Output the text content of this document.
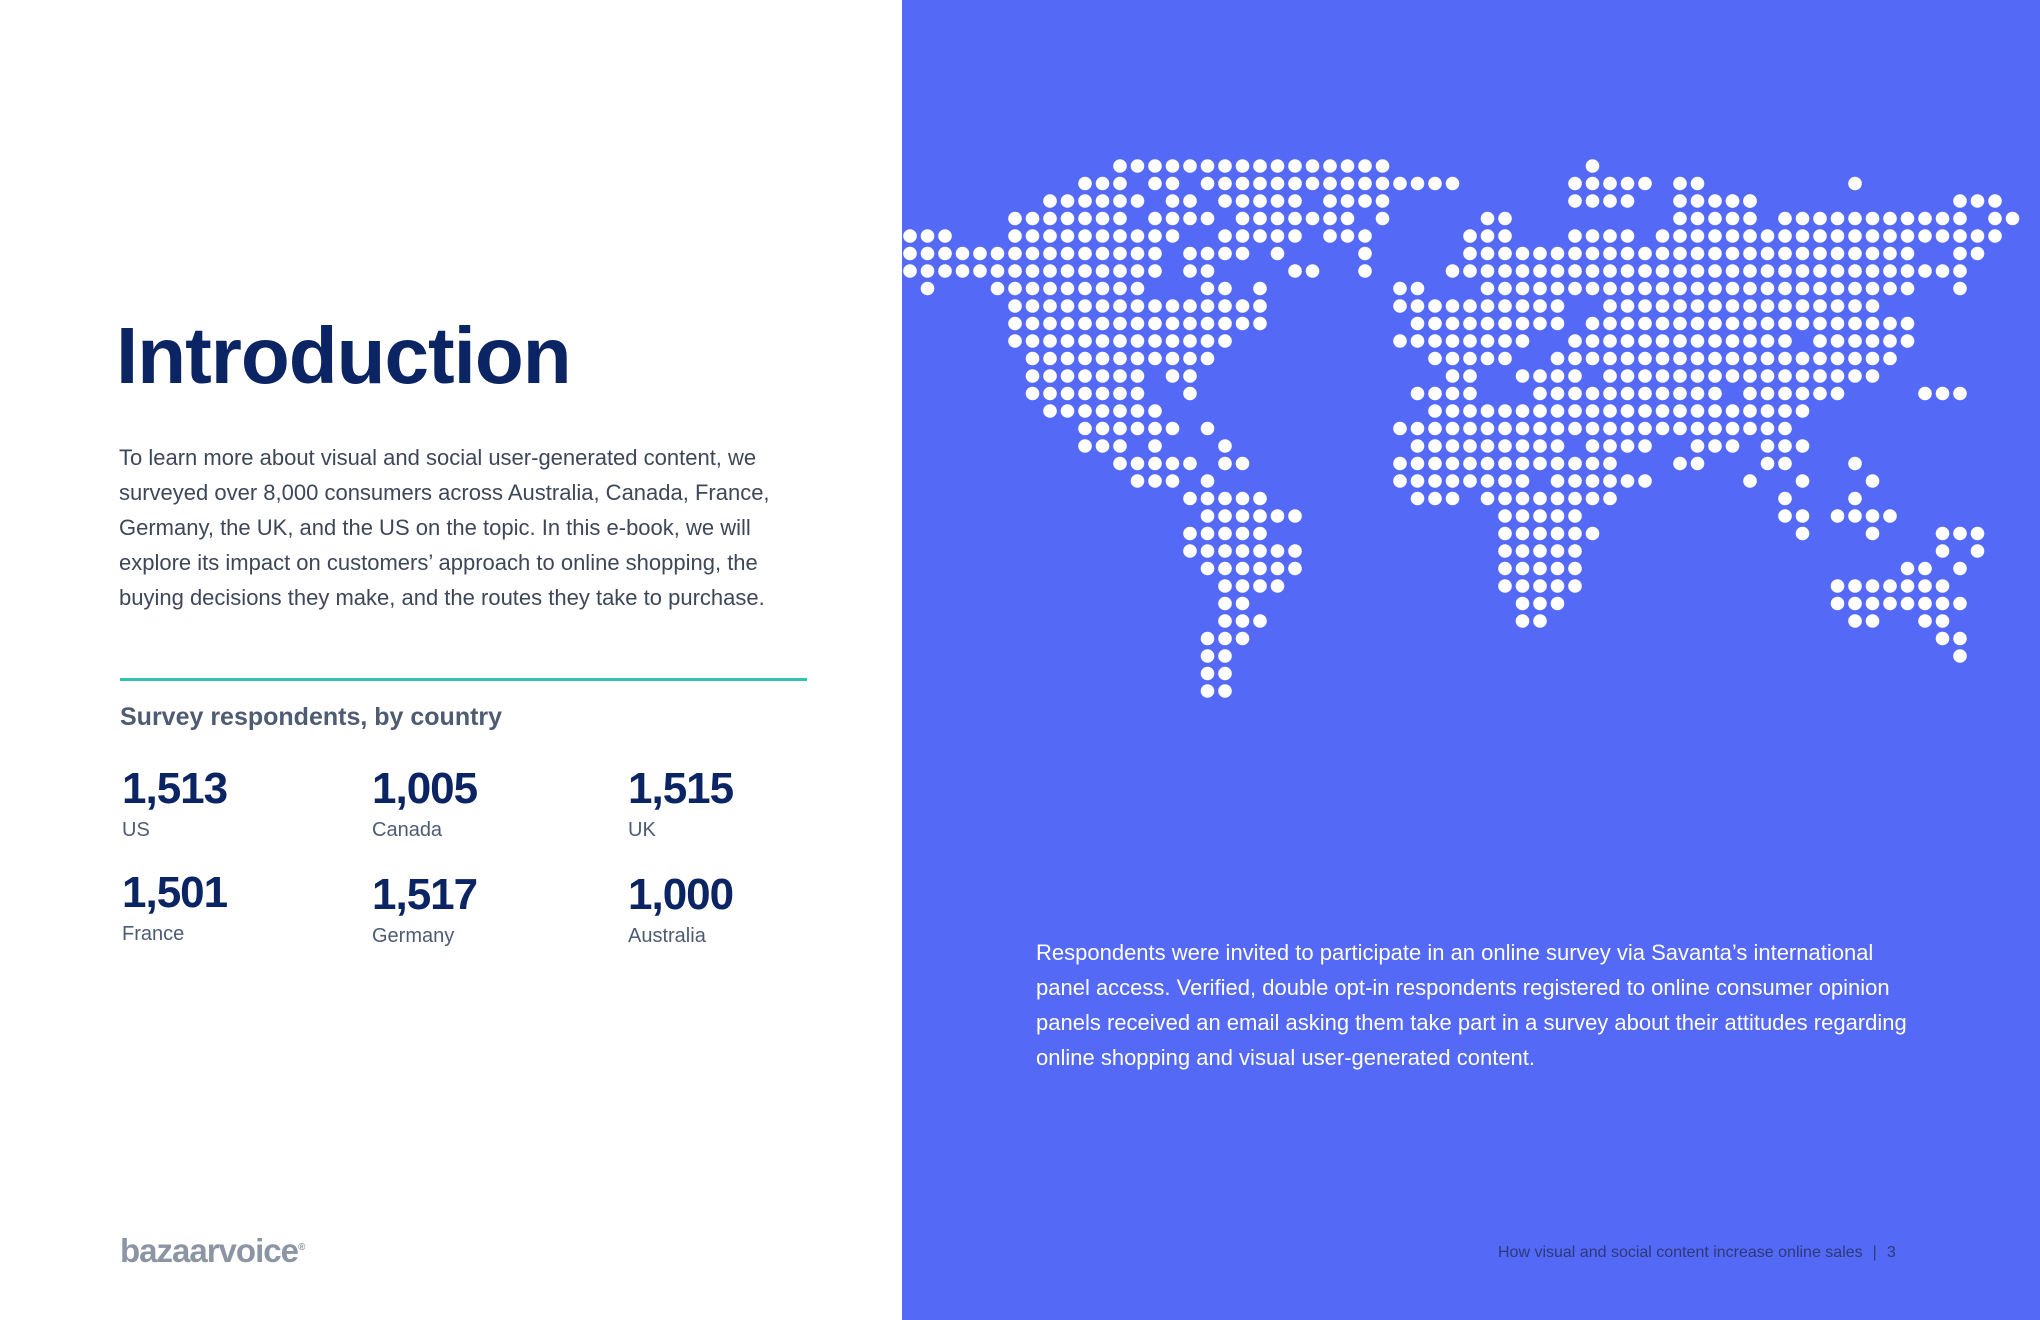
Introduction

To learn more about visual and social user-generated content, we surveyed over 8,000 consumers across Australia, Canada, France, Germany, the UK, and the US on the topic. In this e-book, we will explore its impact on customers’ approach to online shopping, the buying decisions they make, and the routes they take to purchase.

Survey respondents, by country
1,513
US
1,005
Canada
1,515
UK
1,501
France
1,517
Germany
1,000
Australia
bazaarvoice®

Respondents were invited to participate in an online survey via Savanta’s international panel access. Verified, double opt-in respondents registered to online consumer opinion panels received an email asking them take part in a survey about their attitudes regarding online shopping and visual user-generated content.

How visual and social content increase online sales | 3
